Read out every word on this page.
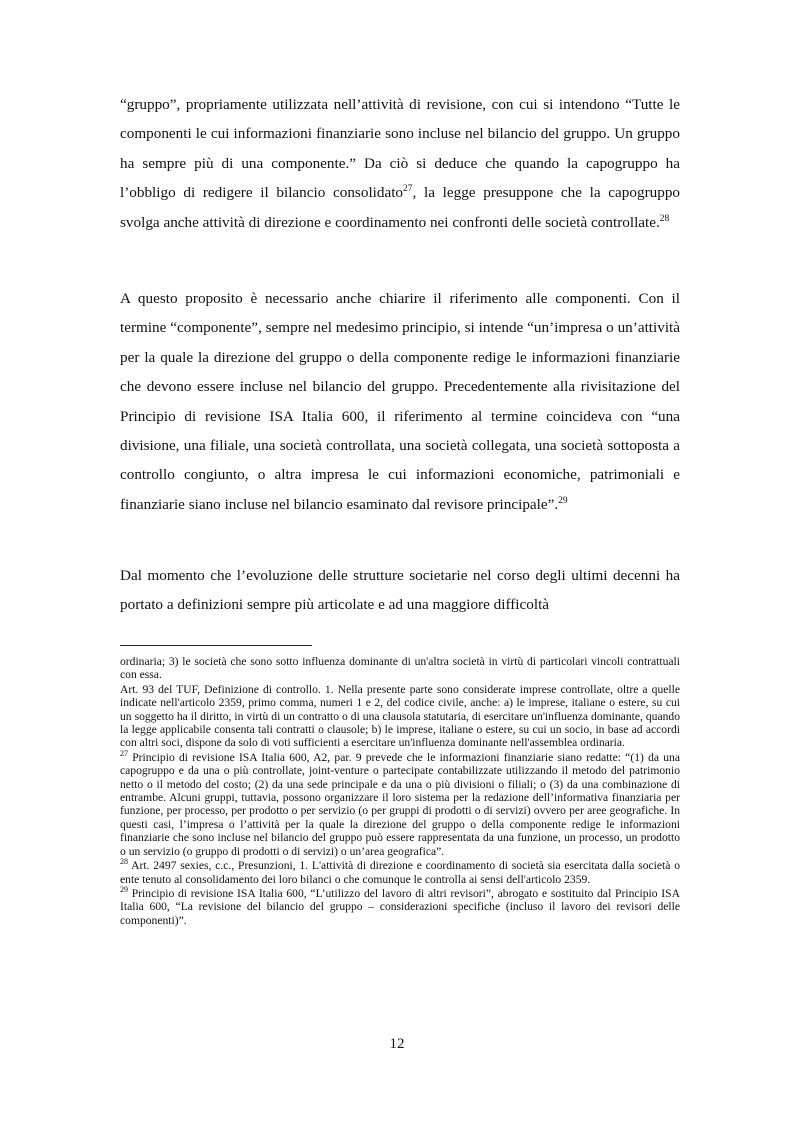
“gruppo”, propriamente utilizzata nell’attività di revisione, con cui si intendono “Tutte le componenti le cui informazioni finanziarie sono incluse nel bilancio del gruppo. Un gruppo ha sempre più di una componente.” Da ciò si deduce che quando la capogruppo ha l’obbligo di redigere il bilancio consolidato$^{27}$, la legge presuppone che la capogruppo svolga anche attività di direzione e coordinamento nei confronti delle società controllate.$^{28}$

A questo proposito è necessario anche chiarire il riferimento alle componenti. Con il termine “componente”, sempre nel medesimo principio, si intende “un’impresa o un’attività per la quale la direzione del gruppo o della componente redige le informazioni finanziarie che devono essere incluse nel bilancio del gruppo. Precedentemente alla rivisitazione del Principio di revisione ISA Italia 600, il riferimento al termine coincideva con “una divisione, una filiale, una società controllata, una società collegata, una società sottoposta a controllo congiunto, o altra impresa le cui informazioni economiche, patrimoniali e finanziarie siano incluse nel bilancio esaminato dal revisore principale”.$^{29}$

Dal momento che l’evoluzione delle strutture societarie nel corso degli ultimi decenni ha portato a definizioni sempre più articolate e ad una maggiore difficoltà

ordinaria; 3) le società che sono sotto influenza dominante di un'altra società in virtù di particolari vincoli contrattuali con essa.

Art. 93 del TUF, Definizione di controllo. 1. Nella presente parte sono considerate imprese controllate, oltre a quelle indicate nell'articolo 2359, primo comma, numeri 1 e 2, del codice civile, anche: a) le imprese, italiane o estere, su cui un soggetto ha il diritto, in virtù di un contratto o di una clausola statutaria, di esercitare un'influenza dominante, quando la legge applicabile consenta tali contratti o clausole; b) le imprese, italiane o estere, su cui un socio, in base ad accordi con altri soci, dispone da solo di voti sufficienti a esercitare un'influenza dominante nell'assemblea ordinaria.

$^{27}$ Principio di revisione ISA Italia 600, A2, par. 9 prevede che le informazioni finanziarie siano redatte: “(1) da una capogruppo e da una o più controllate, joint-venture o partecipate contabilizzate utilizzando il metodo del patrimonio netto o il metodo del costo; (2) da una sede principale e da una o più divisioni o filiali; o (3) da una combinazione di entrambe. Alcuni gruppi, tuttavia, possono organizzare il loro sistema per la redazione dell’informativa finanziaria per funzione, per processo, per prodotto o per servizio (o per gruppi di prodotti o di servizi) ovvero per aree geografiche. In questi casi, l’impresa o l’attività per la quale la direzione del gruppo o della componente redige le informazioni finanziarie che sono incluse nel bilancio del gruppo può essere rappresentata da una funzione, un processo, un prodotto o un servizio (o gruppo di prodotti o di servizi) o un’area geografica”.

$^{28}$ Art. 2497 sexies, c.c., Presunzioni, 1. L'attività di direzione e coordinamento di società sia esercitata dalla società o ente tenuto al consolidamento dei loro bilanci o che comunque le controlla ai sensi dell'articolo 2359.

$^{29}$ Principio di revisione ISA Italia 600, “L’utilizzo del lavoro di altri revisori”, abrogato e sostituito dal Principio ISA Italia 600, “La revisione del bilancio del gruppo – considerazioni specifiche (incluso il lavoro dei revisori delle componenti)”.

12
